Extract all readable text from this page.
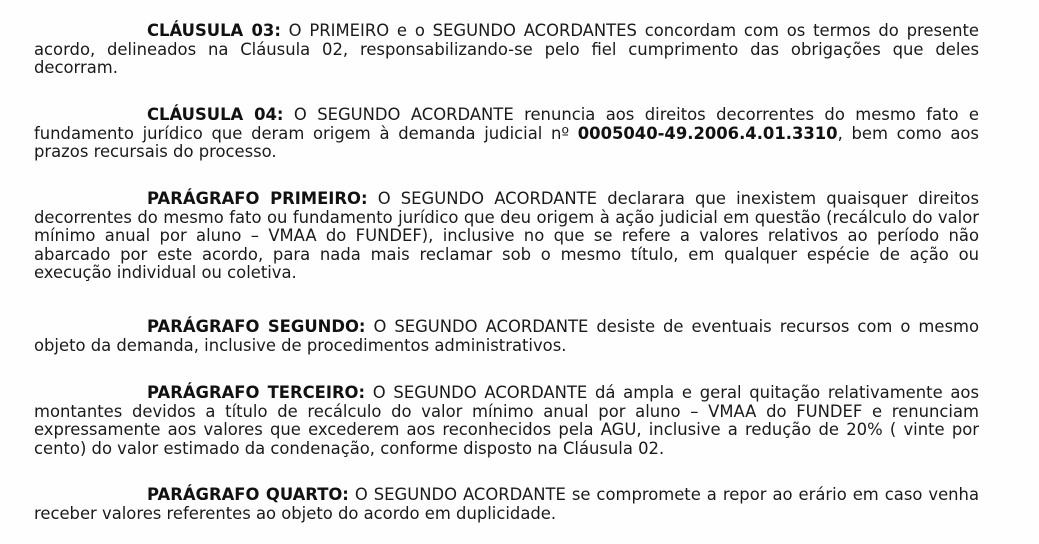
CLÁUSULA 03: O PRIMEIRO e o SEGUNDO ACORDANTES concordam com os termos do presente acordo, delineados na Cláusula 02, responsabilizando-se pelo fiel cumprimento das obrigações que deles decorram.

CLÁUSULA 04: O SEGUNDO ACORDANTE renuncia aos direitos decorrentes do mesmo fato e fundamento jurídico que deram origem à demanda judicial nº 0005040-49.2006.4.01.3310, bem como aos prazos recursais do processo.

PARÁGRAFO PRIMEIRO: O SEGUNDO ACORDANTE declarara que inexistem quaisquer direitos decorrentes do mesmo fato ou fundamento jurídico que deu origem à ação judicial em questão (recálculo do valor mínimo anual por aluno – VMAA do FUNDEF), inclusive no que se refere a valores relativos ao período não abarcado por este acordo, para nada mais reclamar sob o mesmo título, em qualquer espécie de ação ou execução individual ou coletiva.

PARÁGRAFO SEGUNDO: O SEGUNDO ACORDANTE desiste de eventuais recursos com o mesmo objeto da demanda, inclusive de procedimentos administrativos.

PARÁGRAFO TERCEIRO: O SEGUNDO ACORDANTE dá ampla e geral quitação relativamente aos montantes devidos a título de recálculo do valor mínimo anual por aluno – VMAA do FUNDEF e renunciam expressamente aos valores que excederem aos reconhecidos pela AGU, inclusive a redução de 20% ( vinte por cento) do valor estimado da condenação, conforme disposto na Cláusula 02.

PARÁGRAFO QUARTO: O SEGUNDO ACORDANTE se compromete a repor ao erário em caso venha receber valores referentes ao objeto do acordo em duplicidade.
